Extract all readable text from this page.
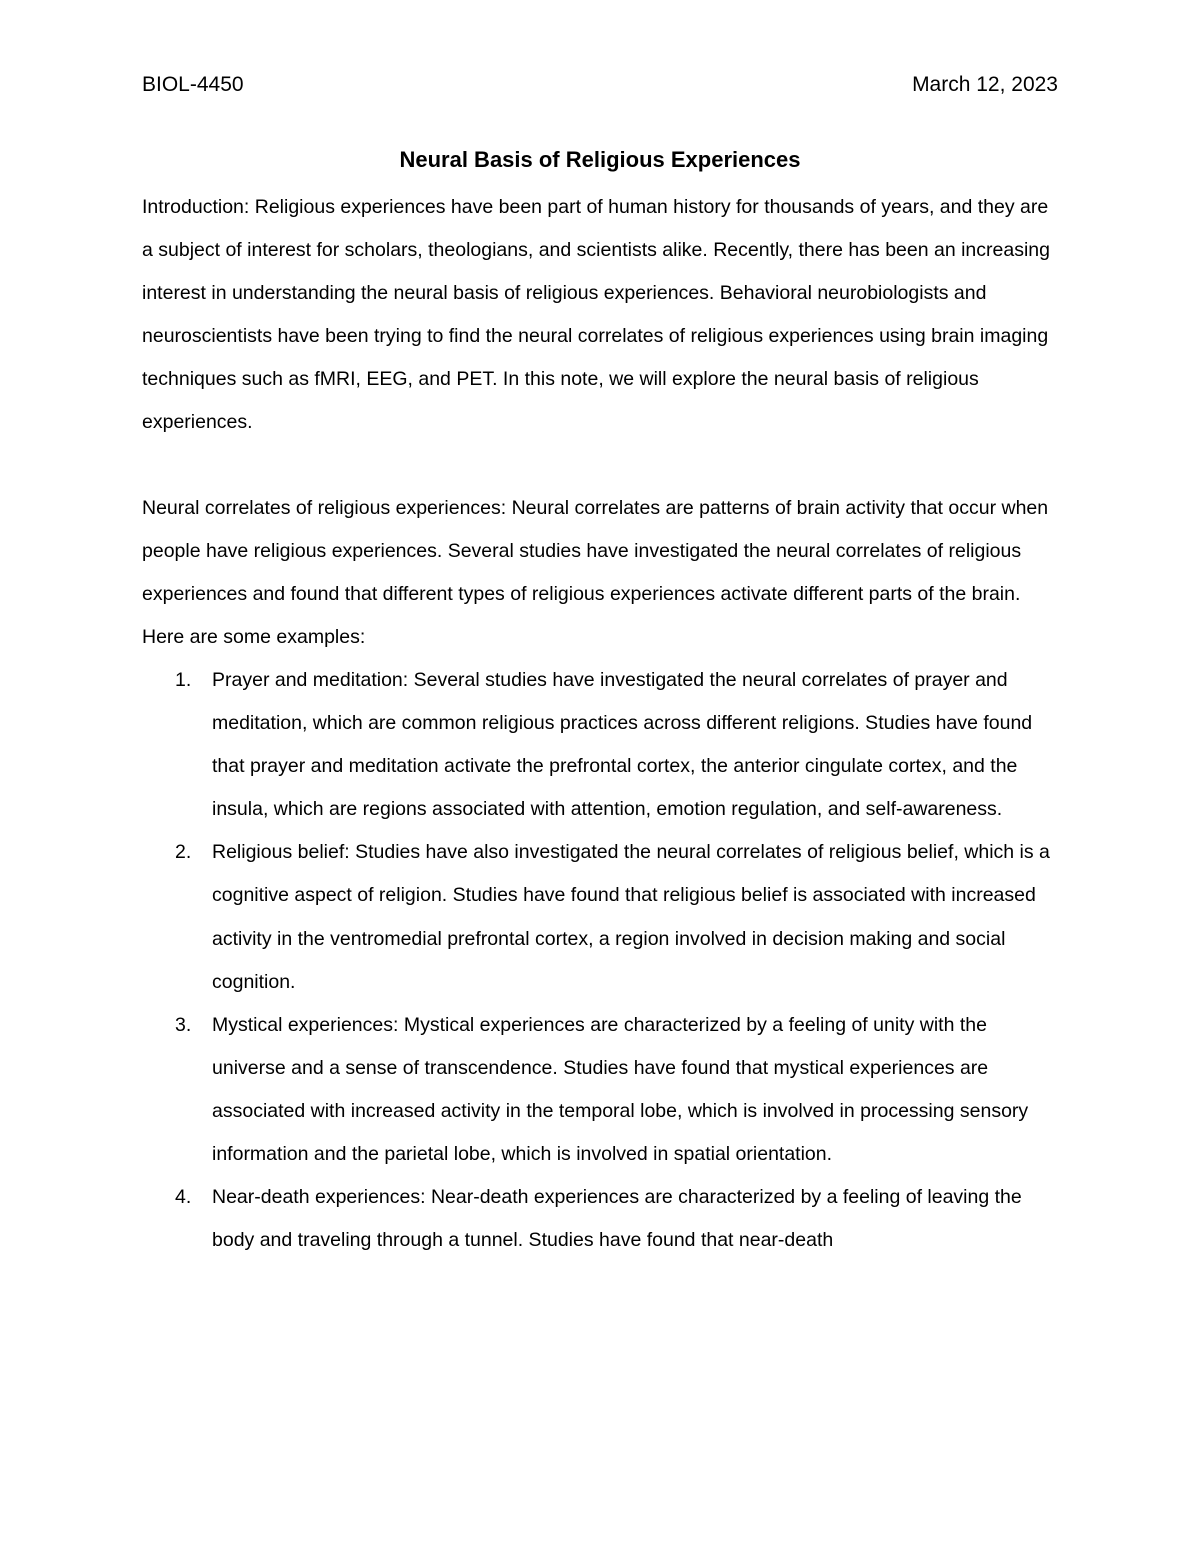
BIOL-4450	March 12, 2023
Neural Basis of Religious Experiences

Introduction: Religious experiences have been part of human history for thousands of years, and they are a subject of interest for scholars, theologians, and scientists alike. Recently, there has been an increasing interest in understanding the neural basis of religious experiences. Behavioral neurobiologists and neuroscientists have been trying to find the neural correlates of religious experiences using brain imaging techniques such as fMRI, EEG, and PET. In this note, we will explore the neural basis of religious experiences.

Neural correlates of religious experiences: Neural correlates are patterns of brain activity that occur when people have religious experiences. Several studies have investigated the neural correlates of religious experiences and found that different types of religious experiences activate different parts of the brain. Here are some examples:

1. Prayer and meditation: Several studies have investigated the neural correlates of prayer and meditation, which are common religious practices across different religions. Studies have found that prayer and meditation activate the prefrontal cortex, the anterior cingulate cortex, and the insula, which are regions associated with attention, emotion regulation, and self-awareness.
2. Religious belief: Studies have also investigated the neural correlates of religious belief, which is a cognitive aspect of religion. Studies have found that religious belief is associated with increased activity in the ventromedial prefrontal cortex, a region involved in decision making and social cognition.
3. Mystical experiences: Mystical experiences are characterized by a feeling of unity with the universe and a sense of transcendence. Studies have found that mystical experiences are associated with increased activity in the temporal lobe, which is involved in processing sensory information and the parietal lobe, which is involved in spatial orientation.
4. Near-death experiences: Near-death experiences are characterized by a feeling of leaving the body and traveling through a tunnel. Studies have found that near-death
